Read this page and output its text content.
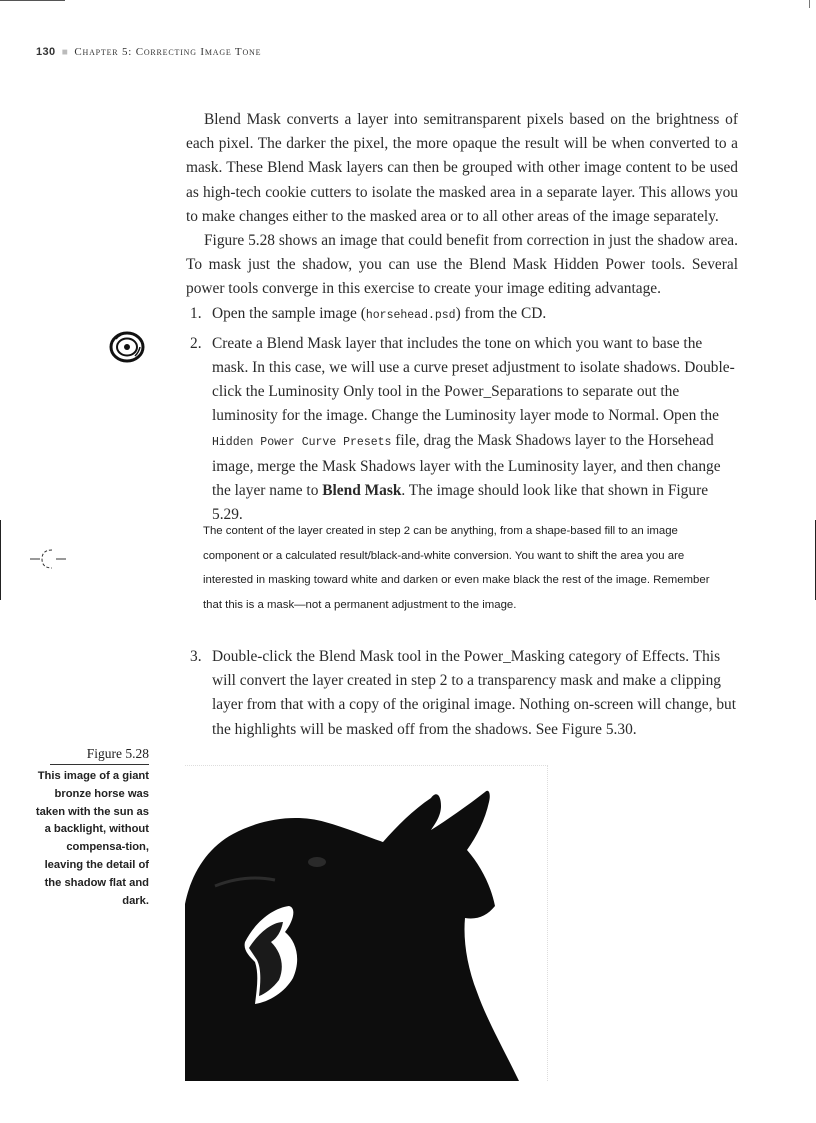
130 ■ Chapter 5: Correcting Image Tone

Blend Mask converts a layer into semitransparent pixels based on the brightness of each pixel. The darker the pixel, the more opaque the result will be when converted to a mask. These Blend Mask layers can then be grouped with other image content to be used as high-tech cookie cutters to isolate the masked area in a separate layer. This allows you to make changes either to the masked area or to all other areas of the image separately.

Figure 5.28 shows an image that could benefit from correction in just the shadow area. To mask just the shadow, you can use the Blend Mask Hidden Power tools. Several power tools converge in this exercise to create your image editing advantage.

1. Open the sample image (horsehead.psd) from the CD.
2. Create a Blend Mask layer that includes the tone on which you want to base the mask. In this case, we will use a curve preset adjustment to isolate shadows. Double-click the Luminosity Only tool in the Power_Separations to separate out the luminosity for the image. Change the Luminosity layer mode to Normal. Open the Hidden Power Curve Presets file, drag the Mask Shadows layer to the Horsehead image, merge the Mask Shadows layer with the Luminosity layer, and then change the layer name to Blend Mask. The image should look like that shown in Figure 5.29.
The content of the layer created in step 2 can be anything, from a shape-based fill to an image component or a calculated result/black-and-white conversion. You want to shift the area you are interested in masking toward white and darken or even make black the rest of the image. Remember that this is a mask—not a permanent adjustment to the image.
3. Double-click the Blend Mask tool in the Power_Masking category of Effects. This will convert the layer created in step 2 to a transparency mask and make a clipping layer from that with a copy of the original image. Nothing on-screen will change, but the highlights will be masked off from the shadows. See Figure 5.30.
Figure 5.28
This image of a giant bronze horse was taken with the sun as a backlight, without compensa-tion, leaving the detail of the shadow flat and dark.
